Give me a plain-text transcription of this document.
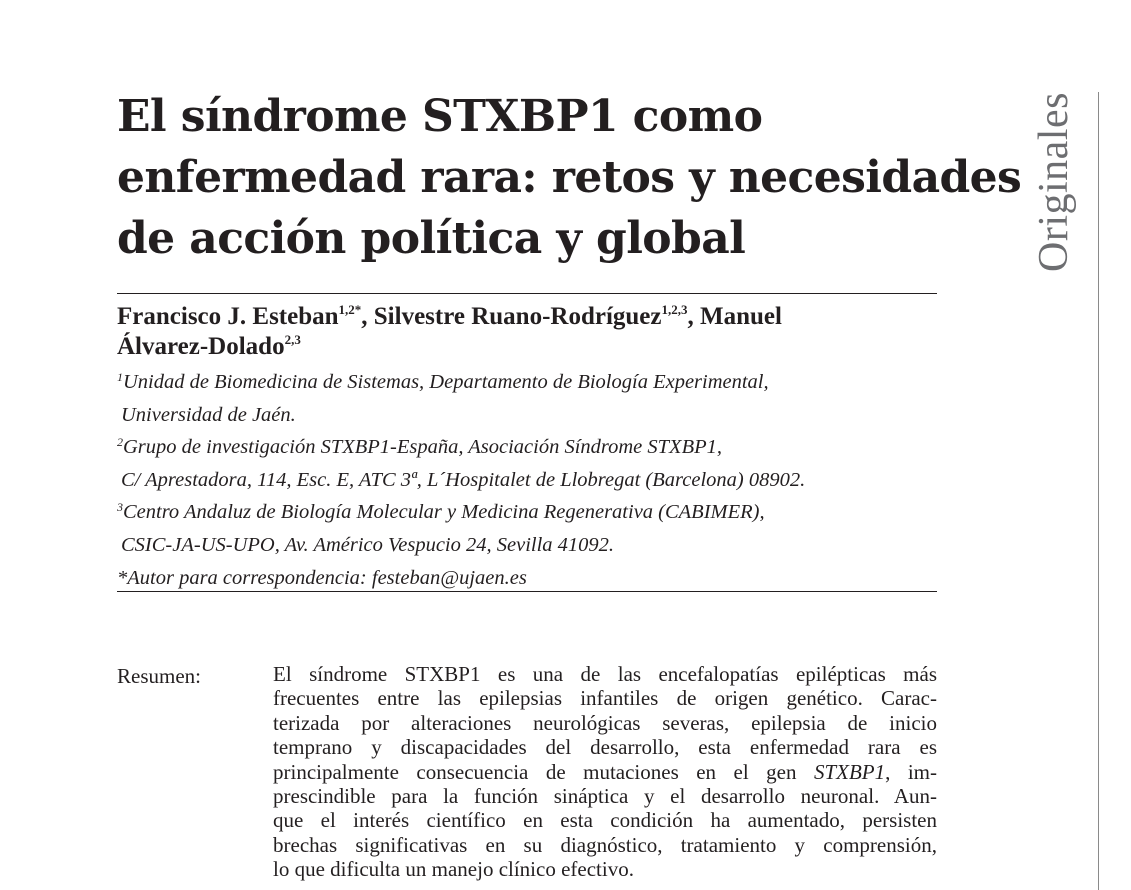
El síndrome STXBP1 como
enfermedad rara: retos y necesidades
de acción política y global	Originales

Francisco J. Esteban$^{1,2*}$, Silvestre Ruano-Rodríguez$^{1,2,3}$, Manuel
Álvarez-Dolado$^{2,3}$

$^1$Unidad de Biomedicina de Sistemas, Departamento de Biología Experimental,
Universidad de Jaén.
$^2$Grupo de investigación STXBP1-España, Asociación Síndrome STXBP1,
C/ Aprestadora, 114, Esc. E, ATC 3ª, L´Hospitalet de Llobregat (Barcelona) 08902.
$^3$Centro Andaluz de Biología Molecular y Medicina Regenerativa (CABIMER),
CSIC-JA-US-UPO, Av. Américo Vespucio 24, Sevilla 41092.
*Autor para correspondencia: festeban@ujaen.es
Resumen:	El síndrome STXBP1 es una de las encefalopatías epilépticas más
frecuentes entre las epilepsias infantiles de origen genético. Carac-
terizada por alteraciones neurológicas severas, epilepsia de inicio
temprano y discapacidades del desarrollo, esta enfermedad rara es
principalmente consecuencia de mutaciones en el gen STXBP1, im-
prescindible para la función sináptica y el desarrollo neuronal. Aun-
que el interés científico en esta condición ha aumentado, persisten
brechas significativas en su diagnóstico, tratamiento y comprensión,
lo que dificulta un manejo clínico efectivo.
